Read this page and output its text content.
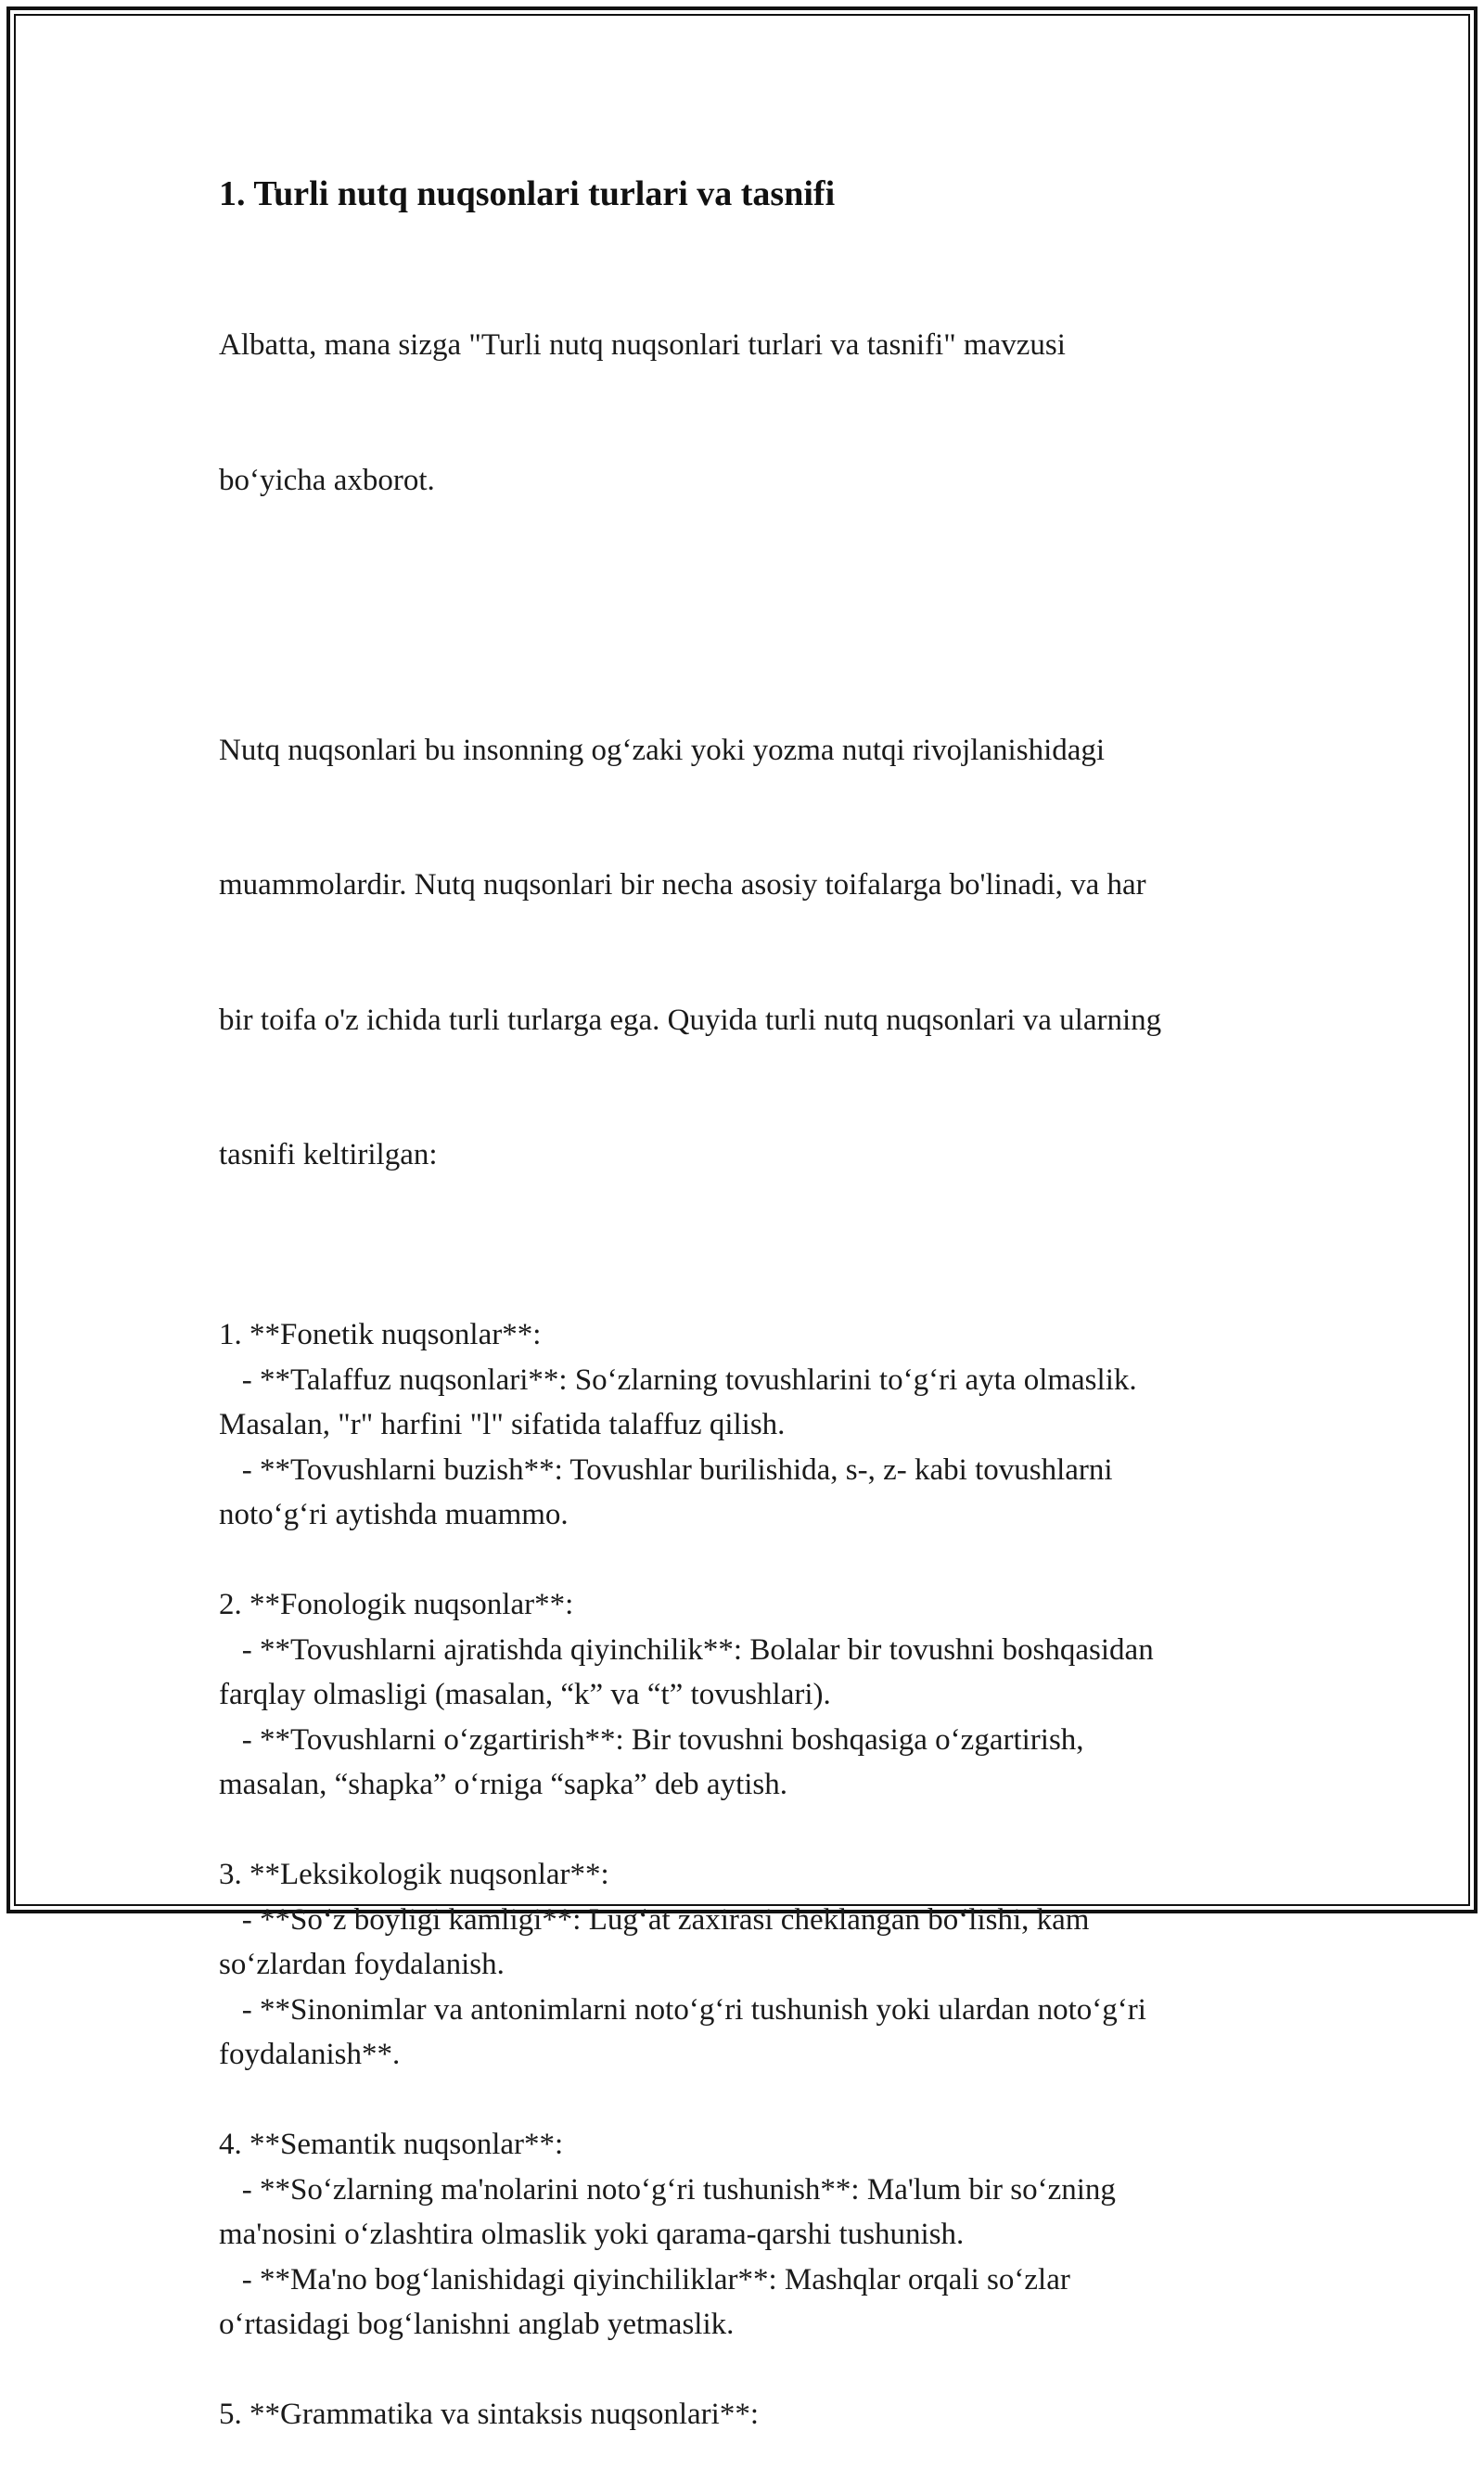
1. Turli nutq nuqsonlari turlari va tasnifi

Albatta, mana sizga "Turli nutq nuqsonlari turlari va tasnifi" mavzusi

bo‘yicha axborot.

Nutq nuqsonlari bu insonning og‘zaki yoki yozma nutqi rivojlanishidagi

muammolardir. Nutq nuqsonlari bir necha asosiy toifalarga bo'linadi, va har

bir toifa o'z ichida turli turlarga ega. Quyida turli nutq nuqsonlari va ularning

tasnifi keltirilgan:

1. **Fonetik nuqsonlar**:
- **Talaffuz nuqsonlari**: So‘zlarning tovushlarini to‘g‘ri ayta olmaslik.
Masalan, "r" harfini "l" sifatida talaffuz qilish.
- **Tovushlarni buzish**: Tovushlar burilishida, s-, z- kabi tovushlarni
noto‘g‘ri aytishda muammo.
2. **Fonologik nuqsonlar**:
- **Tovushlarni ajratishda qiyinchilik**: Bolalar bir tovushni boshqasidan
farqlay olmasligi (masalan, “k” va “t” tovushlari).
- **Tovushlarni o‘zgartirish**: Bir tovushni boshqasiga o‘zgartirish,
masalan, “shapka” o‘rniga “sapka” deb aytish.
3. **Leksikologik nuqsonlar**:
- **So‘z boyligi kamligi**: Lug‘at zaxirasi cheklangan bo‘lishi, kam
so‘zlardan foydalanish.
- **Sinonimlar va antonimlarni noto‘g‘ri tushunish yoki ulardan noto‘g‘ri
foydalanish**.
4. **Semantik nuqsonlar**:
- **So‘zlarning ma'nolarini noto‘g‘ri tushunish**: Ma'lum bir so‘zning
ma'nosini o‘zlashtira olmaslik yoki qarama-qarshi tushunish.
- **Ma'no bog‘lanishidagi qiyinchiliklar**: Mashqlar orqali so‘zlar
o‘rtasidagi bog‘lanishni anglab yetmaslik.
5. **Grammatika va sintaksis nuqsonlari**:
